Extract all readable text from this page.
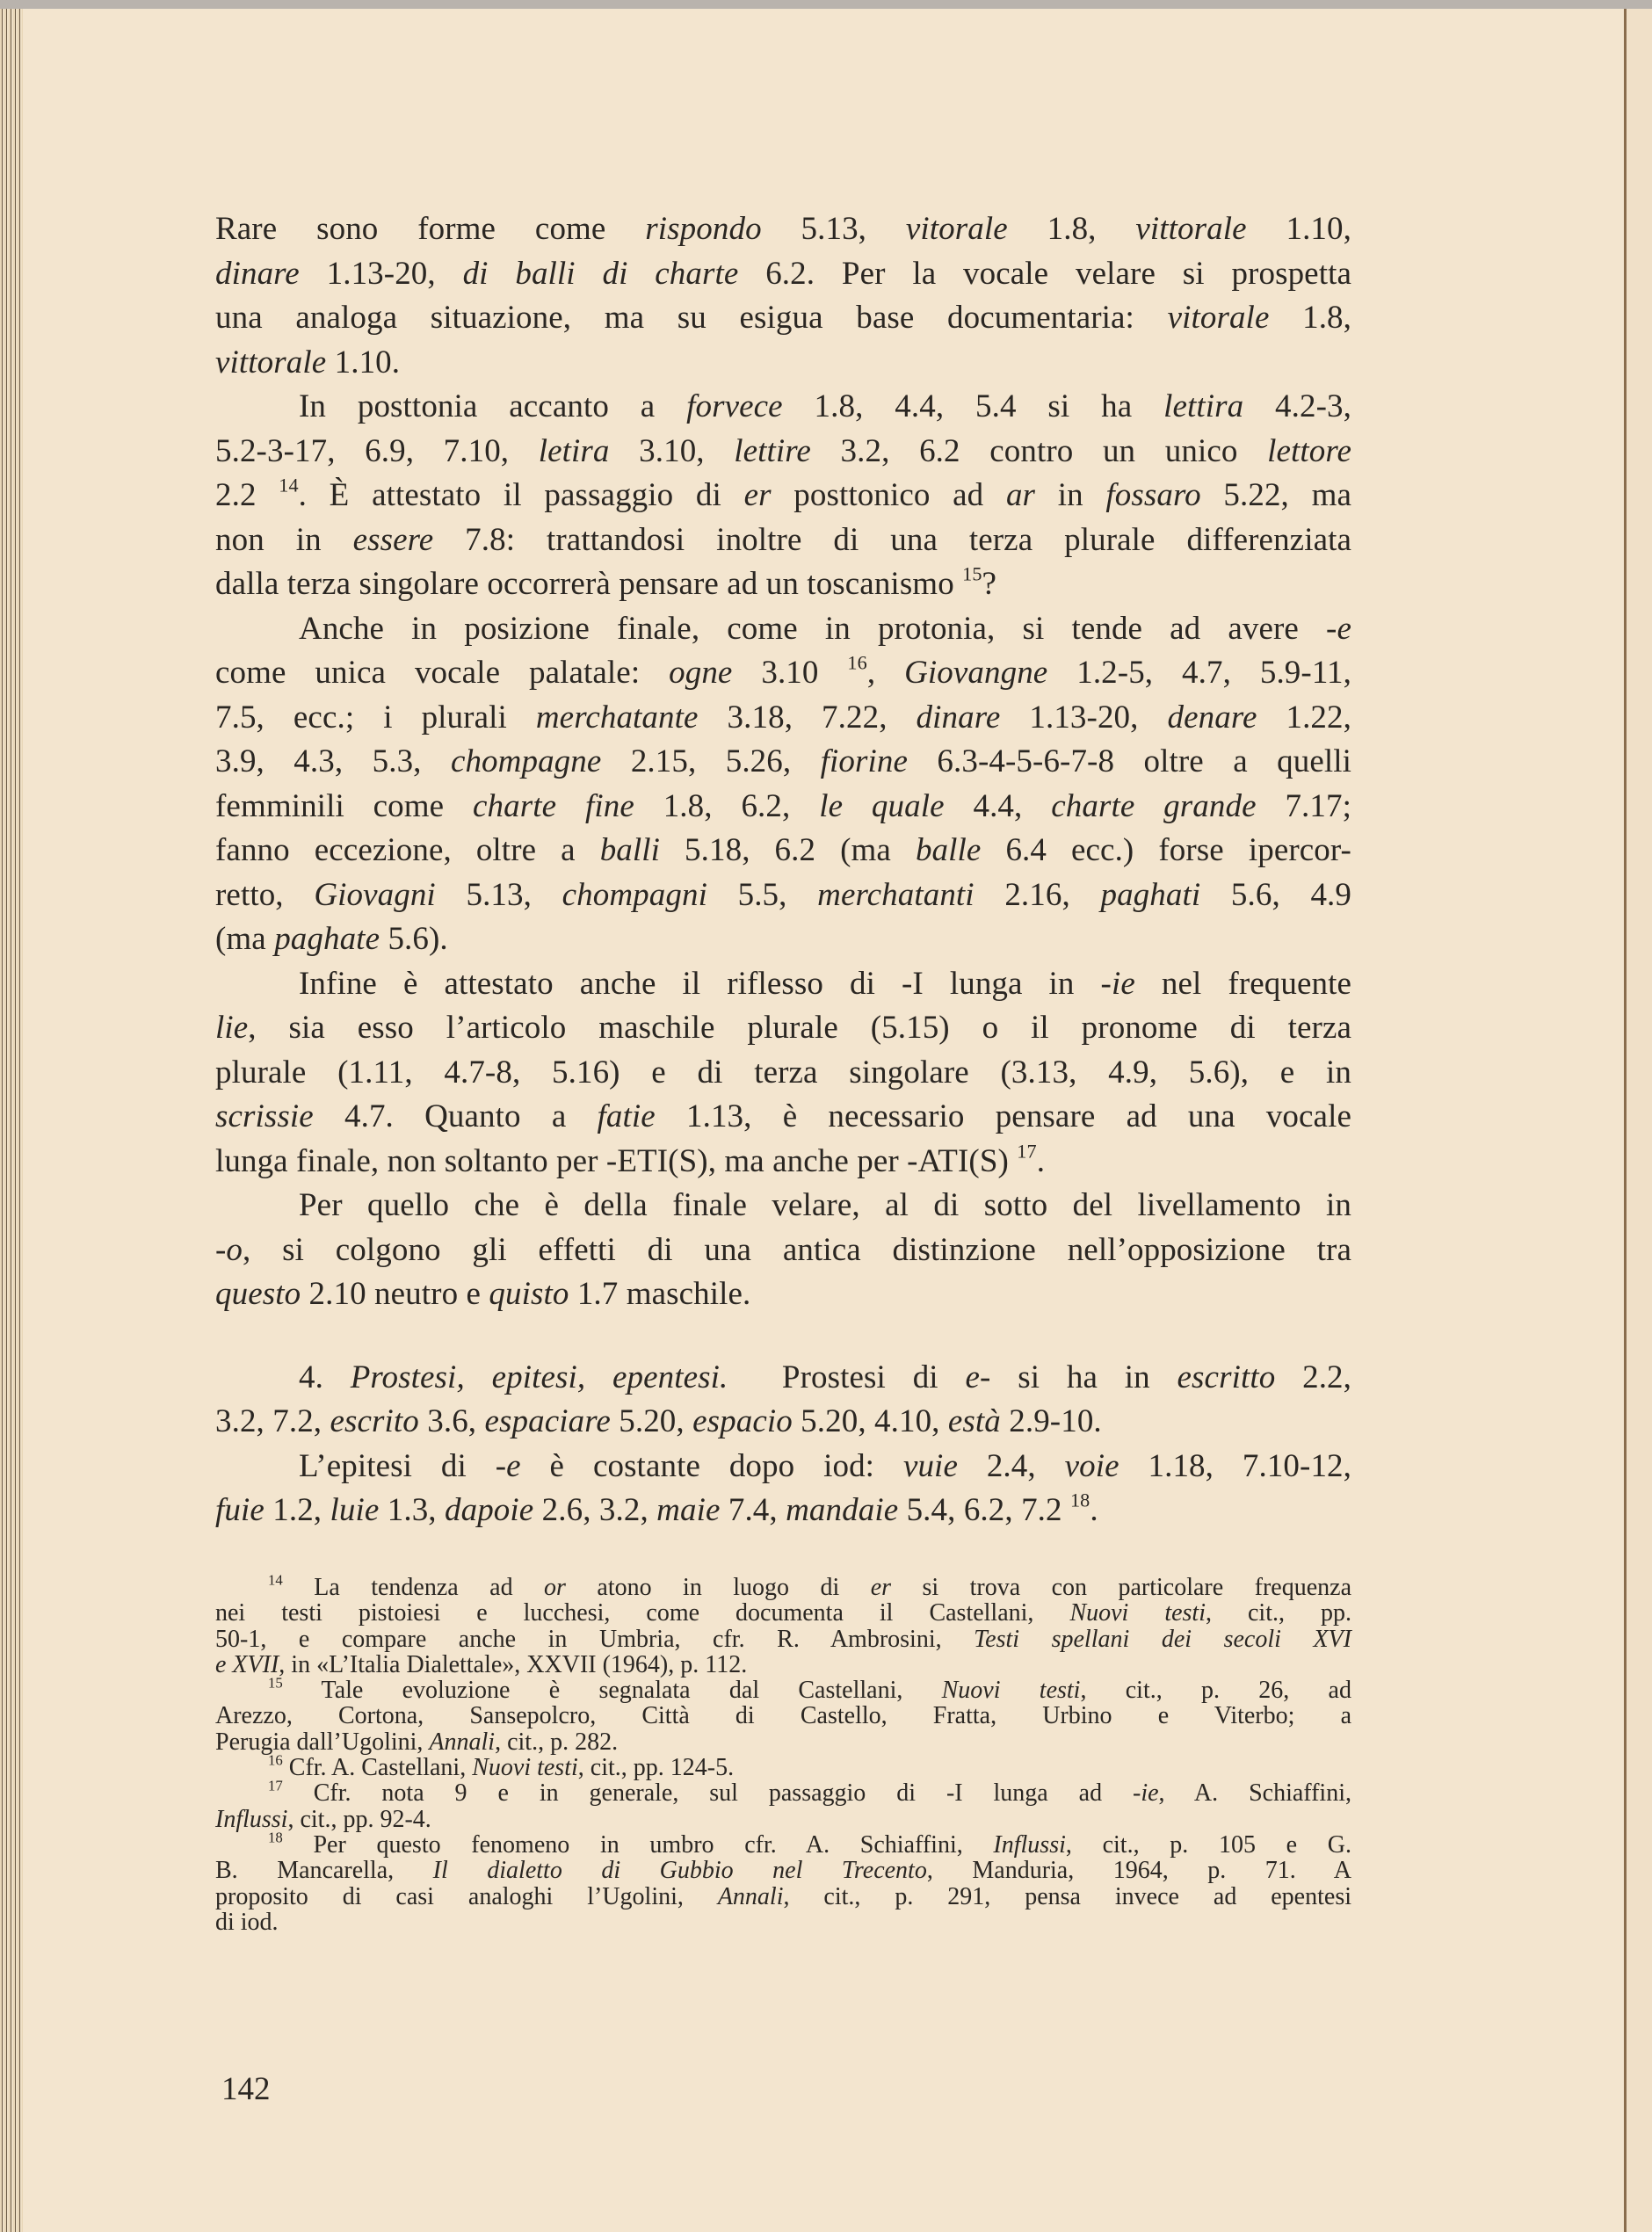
Rare sono forme come rispondo 5.13, vitorale 1.8, vittorale 1.10,
dinare 1.13-20, di balli di charte 6.2. Per la vocale velare si prospetta
una analoga situazione, ma su esigua base documentaria: vitorale 1.8,
vittorale 1.10.
In posttonia accanto a forvece 1.8, 4.4, 5.4 si ha lettira 4.2-3,
5.2-3-17, 6.9, 7.10, letira 3.10, lettire 3.2, 6.2 contro un unico lettore
2.2 $^{14}$. È attestato il passaggio di er posttonico ad ar in fossaro 5.22, ma
non in essere 7.8: trattandosi inoltre di una terza plurale differenziata
dalla terza singolare occorrerà pensare ad un toscanismo $^{15}$?
Anche in posizione finale, come in protonia, si tende ad avere -e
come unica vocale palatale: ogne 3.10 $^{16}$, Giovangne 1.2-5, 4.7, 5.9-11,
7.5, ecc.; i plurali merchatante 3.18, 7.22, dinare 1.13-20, denare 1.22,
3.9, 4.3, 5.3, chompagne 2.15, 5.26, fiorine 6.3-4-5-6-7-8 oltre a quelli
femminili come charte fine 1.8, 6.2, le quale 4.4, charte grande 7.17;
fanno eccezione, oltre a balli 5.18, 6.2 (ma balle 6.4 ecc.) forse ipercor-
retto, Giovagni 5.13, chompagni 5.5, merchatanti 2.16, paghati 5.6, 4.9
(ma paghate 5.6).
Infine è attestato anche il riflesso di -I lunga in -ie nel frequente
lie, sia esso l’articolo maschile plurale (5.15) o il pronome di terza
plurale (1.11, 4.7-8, 5.16) e di terza singolare (3.13, 4.9, 5.6), e in
scrissie 4.7. Quanto a fatie 1.13, è necessario pensare ad una vocale
lunga finale, non soltanto per -ETI(S), ma anche per -ATI(S) $^{17}$.
Per quello che è della finale velare, al di sotto del livellamento in
-o, si colgono gli effetti di una antica distinzione nell’opposizione tra
questo 2.10 neutro e quisto 1.7 maschile.
4. Prostesi, epitesi, epentesi.  Prostesi di e- si ha in escritto 2.2,
3.2, 7.2, escrito 3.6, espaciare 5.20, espacio 5.20, 4.10, està 2.9-10.
L’epitesi di -e è costante dopo iod: vuie 2.4, voie 1.18, 7.10-12,
fuie 1.2, luie 1.3, dapoie 2.6, 3.2, maie 7.4, mandaie 5.4, 6.2, 7.2 $^{18}$.
$^{14}$ La tendenza ad or atono in luogo di er si trova con particolare frequenza
nei testi pistoiesi e lucchesi, come documenta il Castellani, Nuovi testi, cit., pp.
50-1, e compare anche in Umbria, cfr. R. Ambrosini, Testi spellani dei secoli XVI
e XVII, in «L’Italia Dialettale», XXVII (1964), p. 112.
$^{15}$ Tale evoluzione è segnalata dal Castellani, Nuovi testi, cit., p. 26, ad
Arezzo, Cortona, Sansepolcro, Città di Castello, Fratta, Urbino e Viterbo; a
Perugia dall’Ugolini, Annali, cit., p. 282.
$^{16}$ Cfr. A. Castellani, Nuovi testi, cit., pp. 124-5.
$^{17}$ Cfr. nota 9 e in generale, sul passaggio di -I lunga ad -ie, A. Schiaffini,
Influssi, cit., pp. 92-4.
$^{18}$ Per questo fenomeno in umbro cfr. A. Schiaffini, Influssi, cit., p. 105 e G.
B. Mancarella, Il dialetto di Gubbio nel Trecento, Manduria, 1964, p. 71. A
proposito di casi analoghi l’Ugolini, Annali, cit., p. 291, pensa invece ad epentesi
di iod.
142
